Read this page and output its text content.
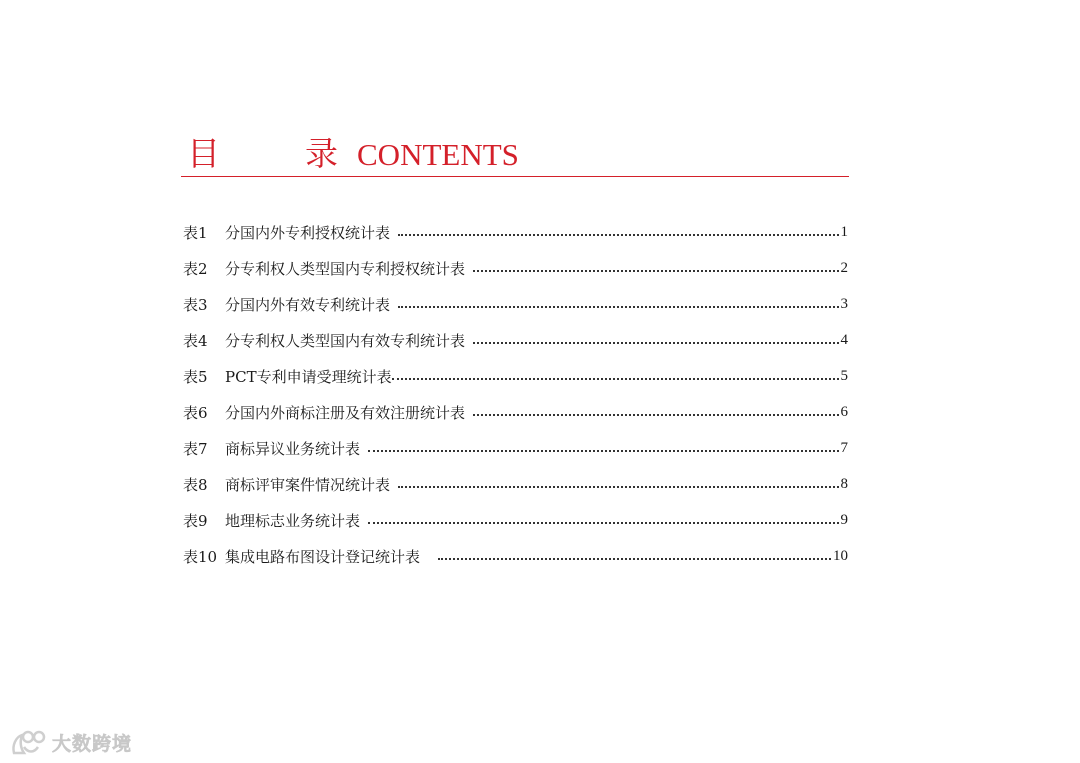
目	录 CONTENTS
表1	分国内外专利授权统计表	1
表2	分专利权人类型国内专利授权统计表	2
表3	分国内外有效专利统计表	3
表4	分专利权人类型国内有效专利统计表	4
表5	PCT专利申请受理统计表	5
表6	分国内外商标注册及有效注册统计表	6
表7	商标异议业务统计表	7
表8	商标评审案件情况统计表	8
表9	地理标志业务统计表	9
表10 集成电路布图设计登记统计表	10
大数跨境
